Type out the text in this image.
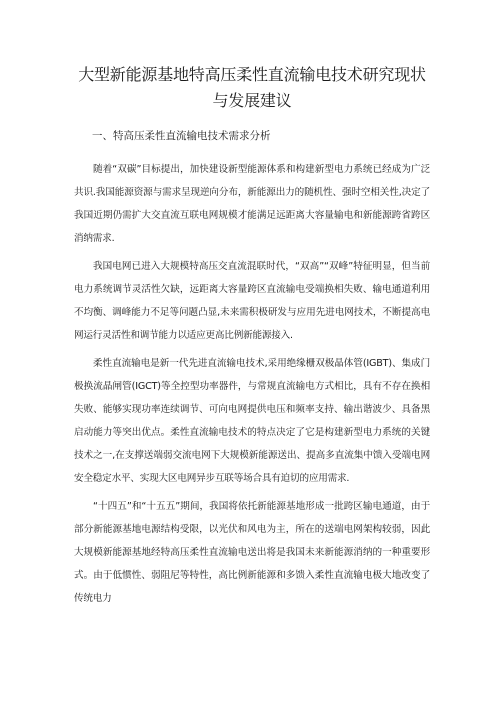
大型新能源基地特高压柔性直流输电技术研究现状与发展建议
一、特高压柔性直流输电技术需求分析

随着“双碳”目标提出，加快建设新型能源体系和构建新型电力系统已经成为广泛共识.我国能源资源与需求呈现逆向分布，新能源出力的随机性、强时空相关性,决定了我国近期仍需扩大交直流互联电网规模才能满足远距离大容量输电和新能源跨省跨区消纳需求.

我国电网已进入大规模特高压交直流混联时代，“双高”“双峰”特征明显，但当前电力系统调节灵活性欠缺，远距离大容量跨区直流输电受端换相失败、输电通道利用不均衡、调峰能力不足等问题凸显,未来需积极研发与应用先进电网技术，不断提高电网运行灵活性和调节能力以适应更高比例新能源接入.

柔性直流输电是新一代先进直流输电技术,采用绝缘栅双极晶体管(IGBT)、集成门极换流晶闸管(IGCT)等全控型功率器件，与常规直流输电方式相比，具有不存在换相失败、能够实现功率连续调节、可向电网提供电压和频率支持、输出谐波少、具备黑启动能力等突出优点。柔性直流输电技术的特点决定了它是构建新型电力系统的关键技术之一,在支撑送端弱交流电网下大规模新能源送出、提高多直流集中馈入受端电网安全稳定水平、实现大区电网异步互联等场合具有迫切的应用需求.

“十四五”和“十五五”期间，我国将依托新能源基地形成一批跨区输电通道，由于部分新能源基地电源结构受限，以光伏和风电为主，所在的送端电网架构较弱，因此大规模新能源基地经特高压柔性直流输电送出将是我国未来新能源消纳的一种重要形式。由于低惯性、弱阻尼等特性，高比例新能源和多馈入柔性直流输电极大地改变了传统电力
